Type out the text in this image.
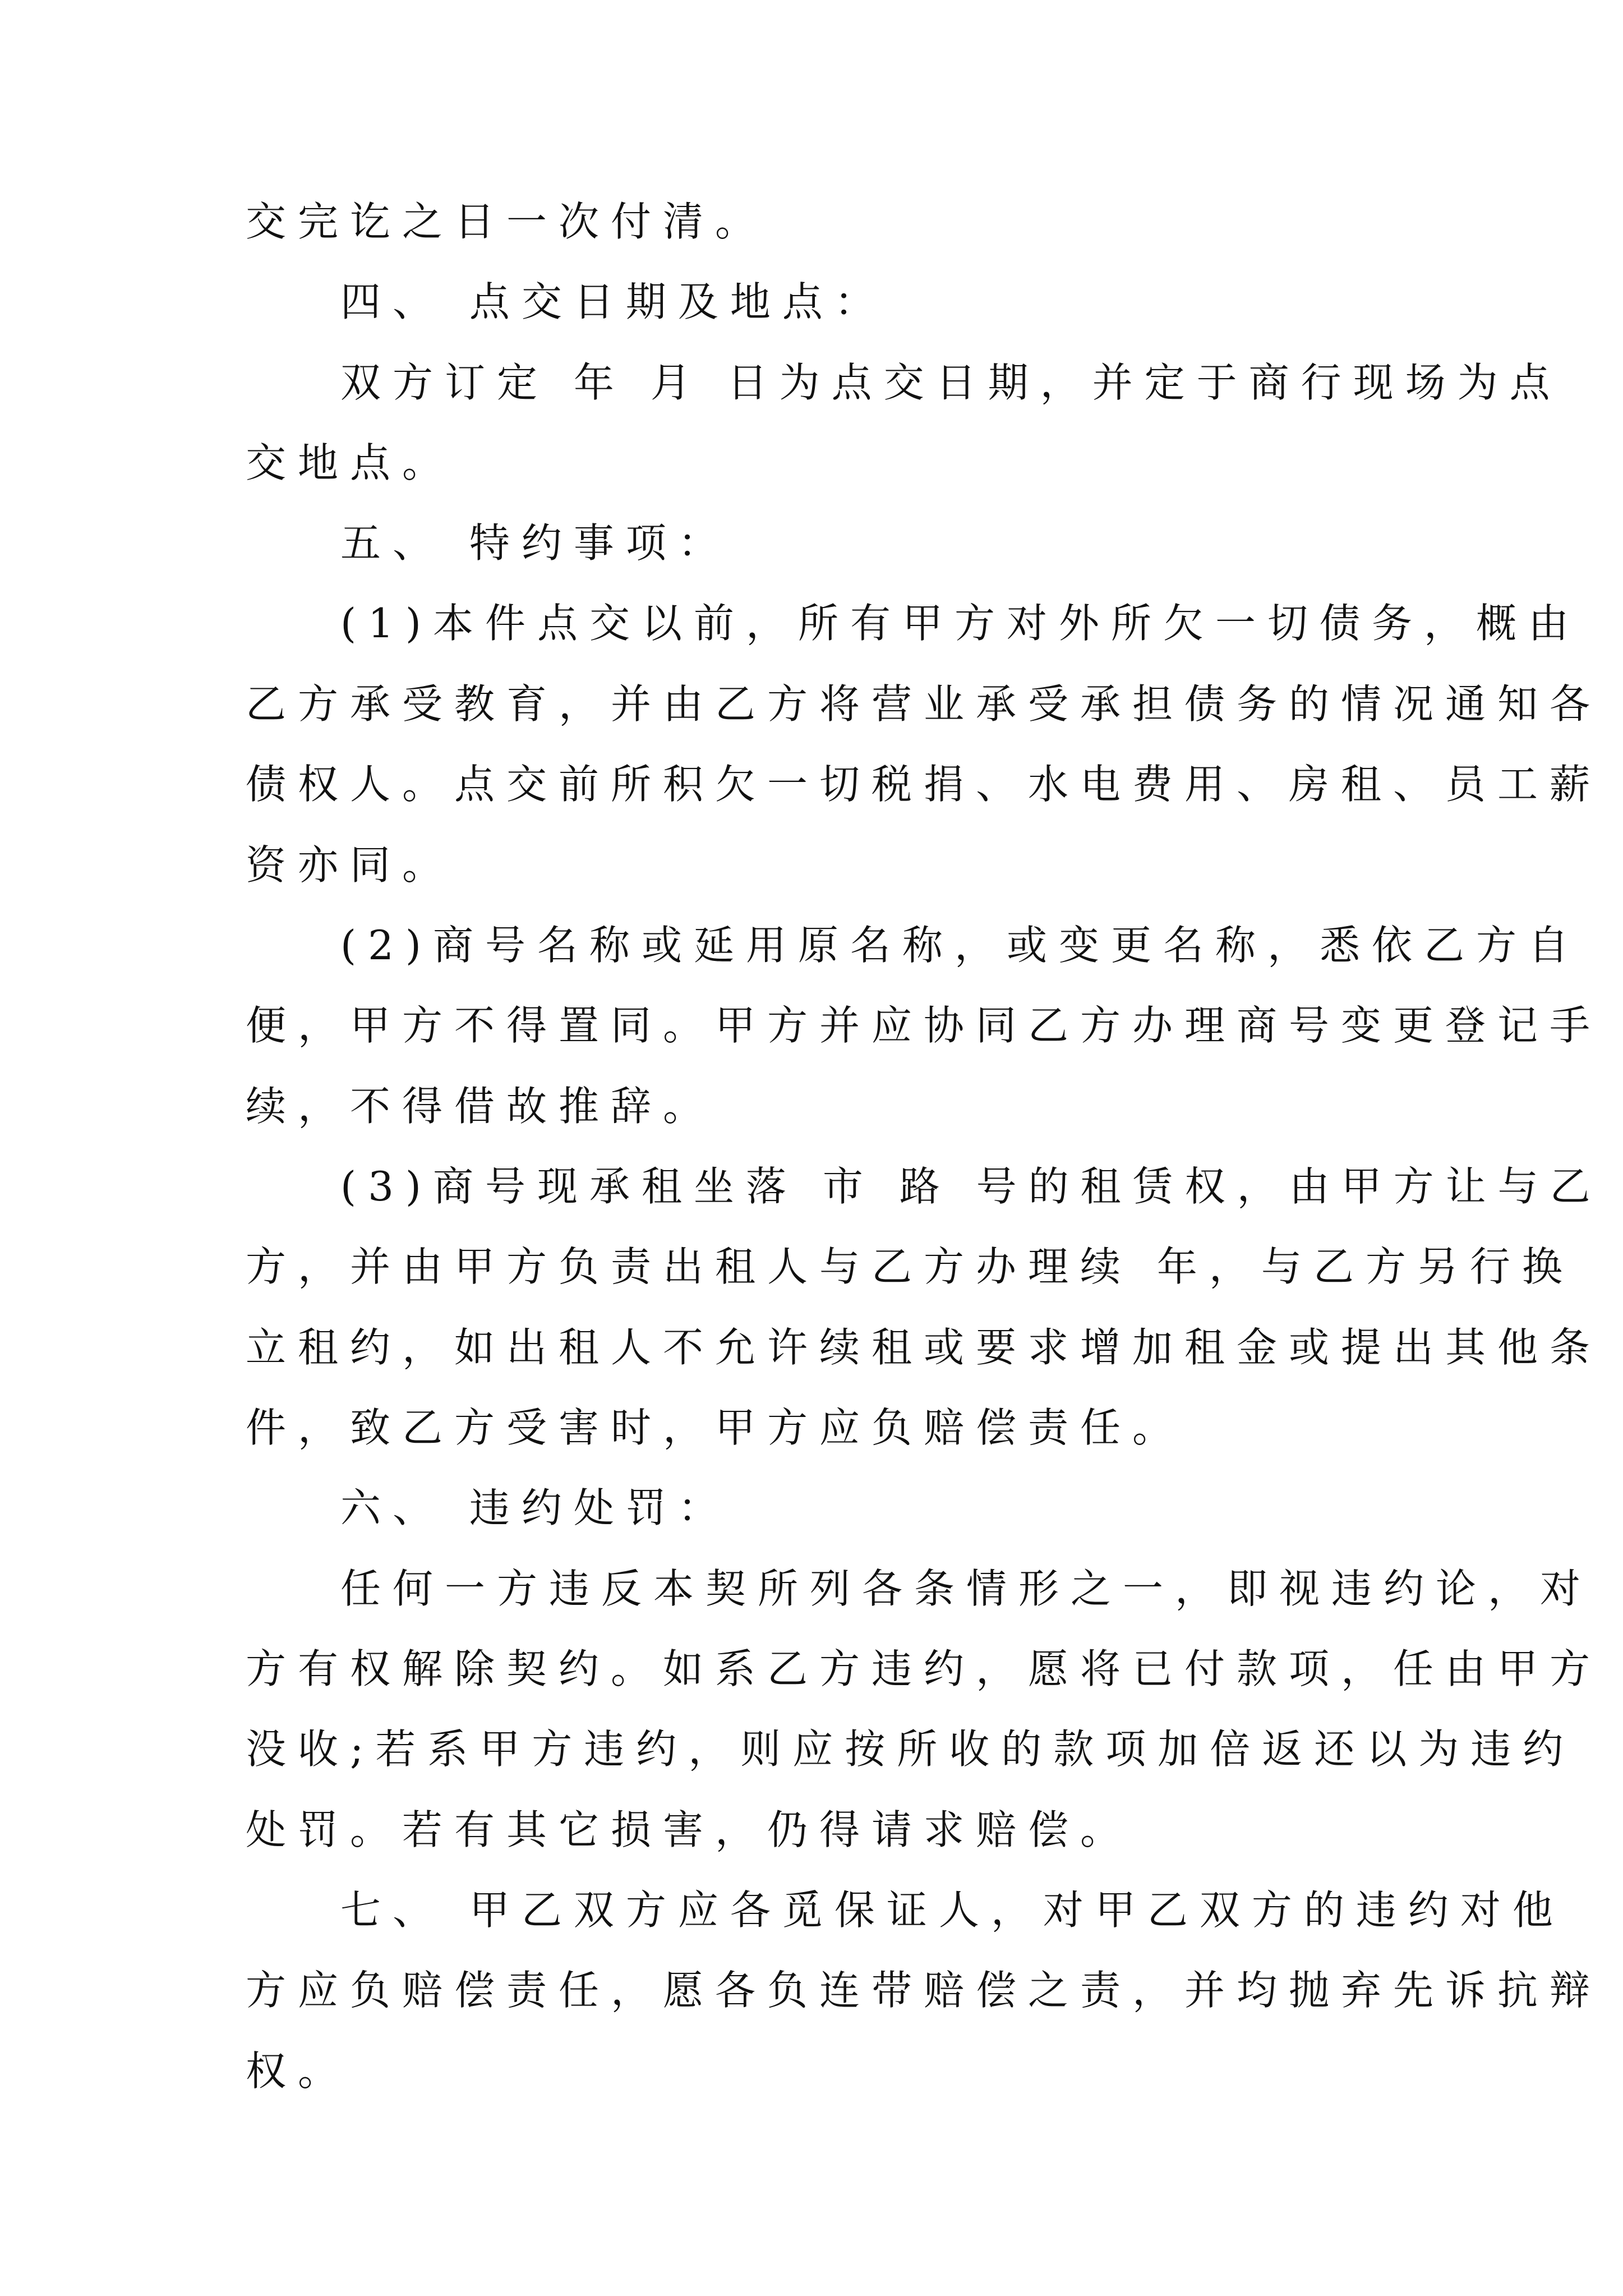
交完讫之日一次付清。
四、 点交日期及地点：
双方订定 年 月 日为点交日期，并定于商行现场为点
交地点。
五、 特约事项：
(1)本件点交以前，所有甲方对外所欠一切债务，概由
乙方承受教育，并由乙方将营业承受承担债务的情况通知各
债权人。点交前所积欠一切税捐、水电费用、房租、员工薪
资亦同。
(2)商号名称或延用原名称，或变更名称，悉依乙方自
便，甲方不得置同。甲方并应协同乙方办理商号变更登记手
续，不得借故推辞。
(3)商号现承租坐落 市 路 号的租赁权，由甲方让与乙
方，并由甲方负责出租人与乙方办理续 年，与乙方另行换
立租约，如出租人不允许续租或要求增加租金或提出其他条
件，致乙方受害时，甲方应负赔偿责任。
六、 违约处罚：
任何一方违反本契所列各条情形之一，即视违约论，对
方有权解除契约。如系乙方违约，愿将已付款项，任由甲方
没收;若系甲方违约，则应按所收的款项加倍返还以为违约
处罚。若有其它损害，仍得请求赔偿。
七、 甲乙双方应各觅保证人，对甲乙双方的违约对他
方应负赔偿责任，愿各负连带赔偿之责，并均抛弃先诉抗辩
权。
